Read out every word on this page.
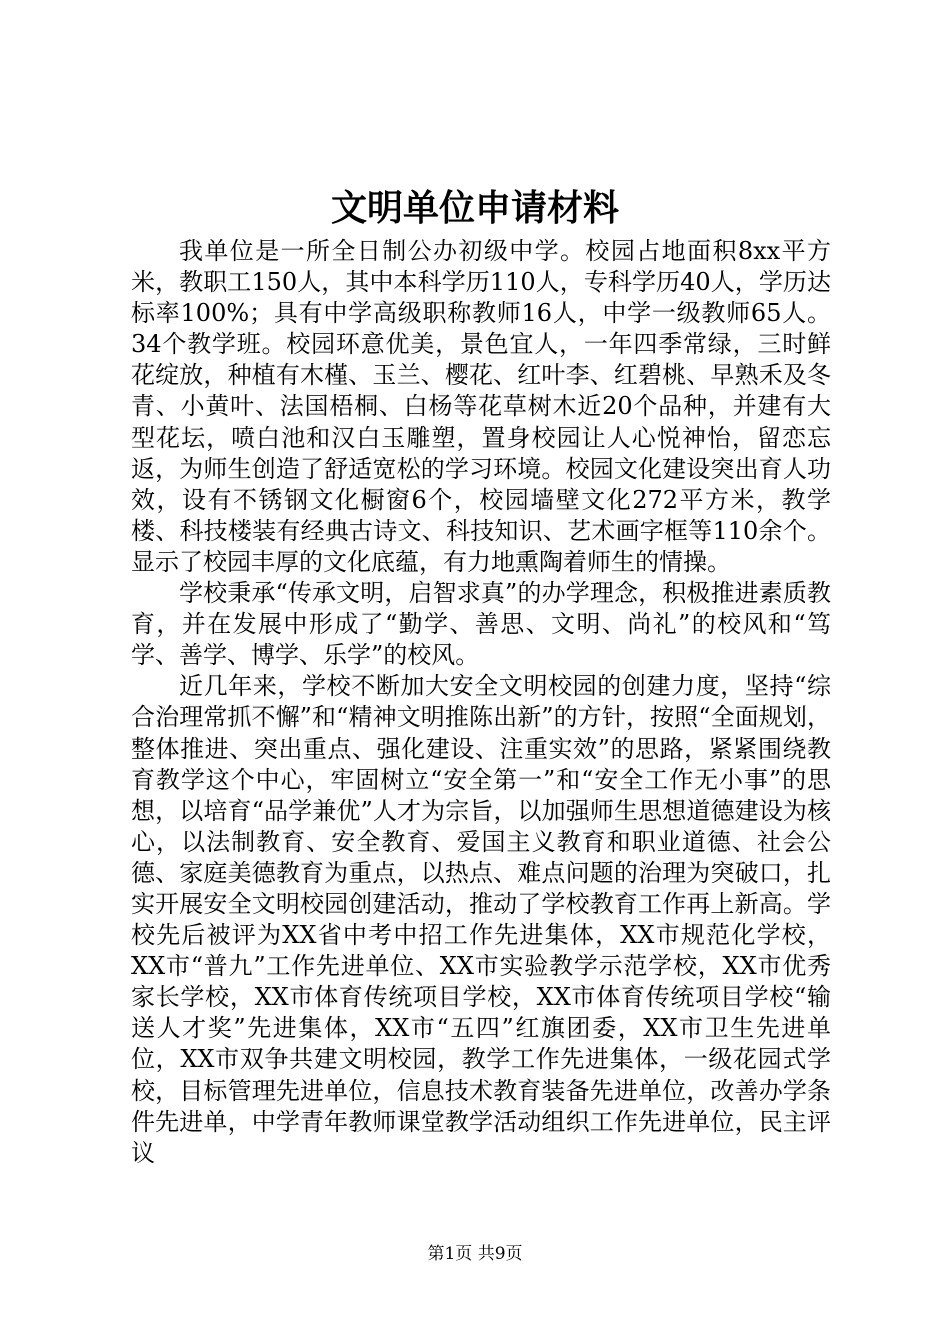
文明单位申请材料

我单位是一所全日制公办初级中学。校园占地面积8xx平方米，教职工150人，其中本科学历110人，专科学历40人，学历达标率100%；具有中学高级职称教师16人，中学一级教师65人。34个教学班。校园环意优美，景色宜人，一年四季常绿，三时鲜花绽放，种植有木槿、玉兰、樱花、红叶李、红碧桃、早熟禾及冬青、小黄叶、法国梧桐、白杨等花草树木近20个品种，并建有大型花坛，喷白池和汉白玉雕塑，置身校园让人心悦神怡，留恋忘返，为师生创造了舒适宽松的学习环境。校园文化建设突出育人功效，设有不锈钢文化橱窗6个，校园墙壁文化272平方米，教学楼、科技楼装有经典古诗文、科技知识、艺术画字框等110余个。显示了校园丰厚的文化底蕴，有力地熏陶着师生的情操。

学校秉承“传承文明，启智求真”的办学理念，积极推进素质教育，并在发展中形成了“勤学、善思、文明、尚礼”的校风和“笃学、善学、博学、乐学”的校风。

近几年来，学校不断加大安全文明校园的创建力度，坚持“综合治理常抓不懈”和“精神文明推陈出新”的方针，按照“全面规划，整体推进、突出重点、强化建设、注重实效”的思路，紧紧围绕教育教学这个中心，牢固树立“安全第一”和“安全工作无小事”的思想，以培育“品学兼优”人才为宗旨，以加强师生思想道德建设为核心，以法制教育、安全教育、爱国主义教育和职业道德、社会公德、家庭美德教育为重点，以热点、难点问题的治理为突破口，扎实开展安全文明校园创建活动，推动了学校教育工作再上新高。学校先后被评为XX省中考中招工作先进集体，XX市规范化学校，XX市“普九”工作先进单位、XX市实验教学示范学校，XX市优秀家长学校，XX市体育传统项目学校，XX市体育传统项目学校“输送人才奖”先进集体，XX市“五四”红旗团委，XX市卫生先进单位，XX市双争共建文明校园，教学工作先进集体，一级花园式学校，目标管理先进单位，信息技术教育装备先进单位，改善办学条件先进单，中学青年教师课堂教学活动组织工作先进单位，民主评议

第1页 共9页
